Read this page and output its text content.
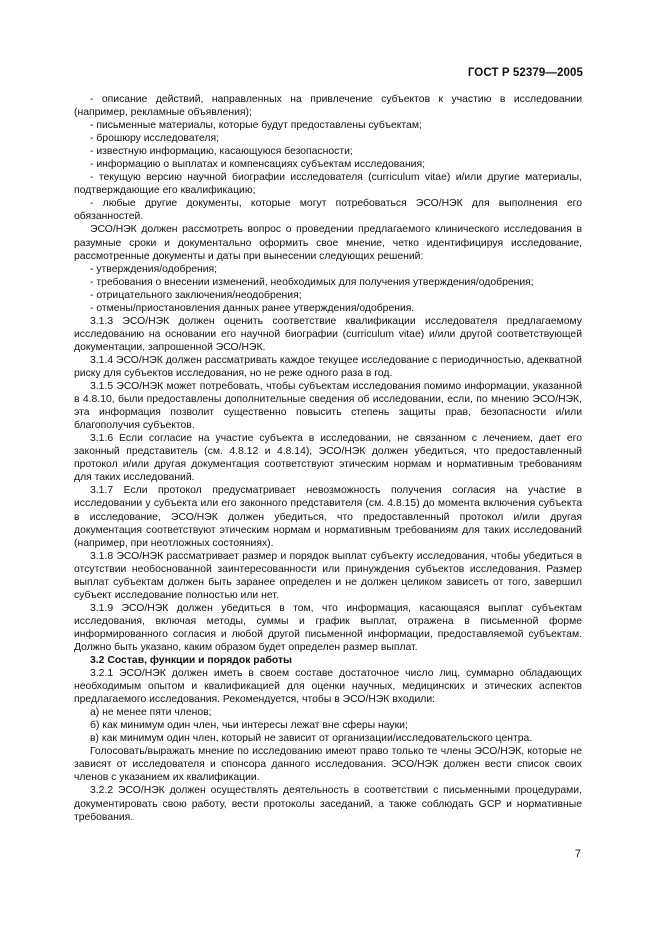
ГОСТ Р 52379—2005

- описание действий, направленных на привлечение субъектов к участию в исследовании (например, рекламные объявления);

- письменные материалы, которые будут предоставлены субъектам;

- брошюру исследователя;

- известную информацию, касающуюся безопасности;

- информацию о выплатах и компенсациях субъектам исследования;

- текущую версию научной биографии исследователя (curriculum vitae) и/или другие материалы, подтверждающие его квалификацию;

- любые другие документы, которые могут потребоваться ЭСО/НЭК для выполнения его обязанностей.

ЭСО/НЭК должен рассмотреть вопрос о проведении предлагаемого клинического исследования в разумные сроки и документально оформить свое мнение, четко идентифицируя исследование, рассмотренные документы и даты при вынесении следующих решений:

- утверждения/одобрения;

- требования о внесении изменений, необходимых для получения утверждения/одобрения;

- отрицательного заключения/неодобрения;

- отмены/приостановления данных ранее утверждения/одобрения.

3.1.3 ЭСО/НЭК должен оценить соответствие квалификации исследователя предлагаемому исследованию на основании его научной биографии (curriculum vitae) и/или другой соответствующей документации, запрошенной ЭСО/НЭК.

3.1.4 ЭСО/НЭК должен рассматривать каждое текущее исследование с периодичностью, адекватной риску для субъектов исследования, но не реже одного раза в год.

3.1.5 ЭСО/НЭК может потребовать, чтобы субъектам исследования помимо информации, указанной в 4.8.10, были предоставлены дополнительные сведения об исследовании, если, по мнению ЭСО/НЭК, эта информация позволит существенно повысить степень защиты прав, безопасности и/или благополучия субъектов.

3.1.6 Если согласие на участие субъекта в исследовании, не связанном с лечением, дает его законный представитель (см. 4.8.12 и 4.8.14), ЭСО/НЭК должен убедиться, что предоставленный протокол и/или другая документация соответствуют этическим нормам и нормативным требованиям для таких исследований.

3.1.7 Если протокол предусматривает невозможность получения согласия на участие в исследовании у субъекта или его законного представителя (см. 4.8.15) до момента включения субъекта в исследование, ЭСО/НЭК должен убедиться, что предоставленный протокол и/или другая документация соответствуют этическим нормам и нормативным требованиям для таких исследований (например, при неотложных состояниях).

3.1.8 ЭСО/НЭК рассматривает размер и порядок выплат субъекту исследования, чтобы убедиться в отсутствии необоснованной заинтересованности или принуждения субъектов исследования. Размер выплат субъектам должен быть заранее определен и не должен целиком зависеть от того, завершил субъект исследование полностью или нет.

3.1.9 ЭСО/НЭК должен убедиться в том, что информация, касающаяся выплат субъектам исследования, включая методы, суммы и график выплат, отражена в письменной форме информированного согласия и любой другой письменной информации, предоставляемой субъектам. Должно быть указано, каким образом будет определен размер выплат.

3.2 Состав, функции и порядок работы

3.2.1 ЭСО/НЭК должен иметь в своем составе достаточное число лиц, суммарно обладающих необходимым опытом и квалификацией для оценки научных, медицинских и этических аспектов предлагаемого исследования. Рекомендуется, чтобы в ЭСО/НЭК входили:

а) не менее пяти членов;

б) как минимум один член, чьи интересы лежат вне сферы науки;

в) как минимум один член, который не зависит от организации/исследовательского центра.

Голосовать/выражать мнение по исследованию имеют право только те члены ЭСО/НЭК, которые не зависят от исследователя и спонсора данного исследования. ЭСО/НЭК должен вести список своих членов с указанием их квалификации.

3.2.2 ЭСО/НЭК должен осуществлять деятельность в соответствии с письменными процедурами, документировать свою работу, вести протоколы заседаний, а также соблюдать GCP и нормативные требования.

7
